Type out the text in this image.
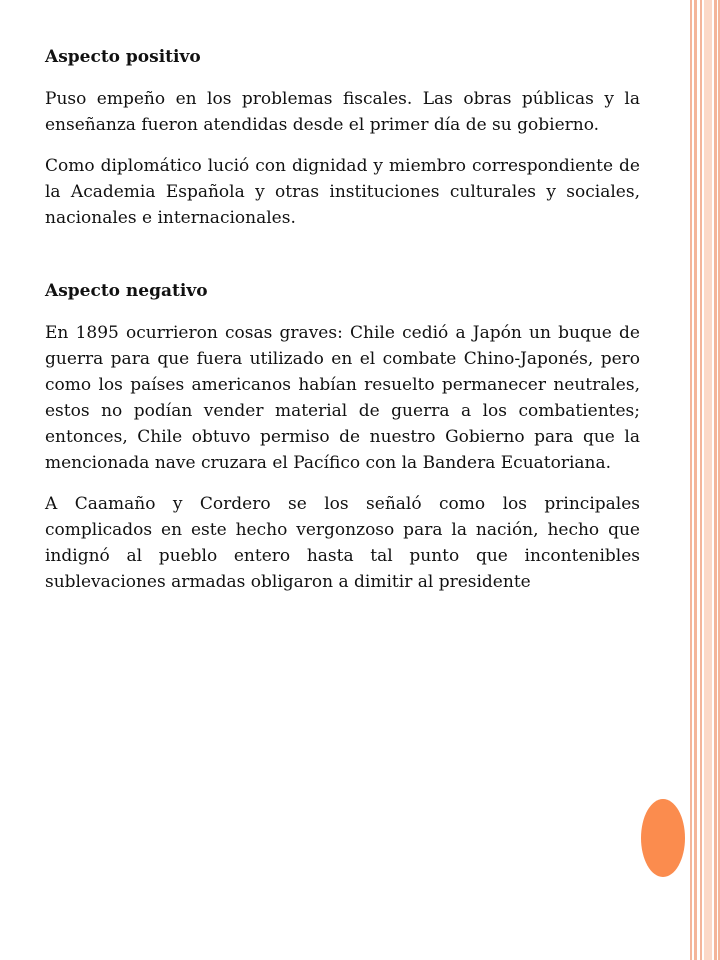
Aspecto positivo

Puso empeño en los problemas fiscales. Las obras públicas y la enseñanza fueron atendidas desde el primer día de su gobierno.

Como diplomático lució con dignidad y miembro correspondiente de la Academia Española y otras instituciones culturales y sociales, nacionales e internacionales.

Aspecto negativo

En 1895 ocurrieron cosas graves: Chile cedió a Japón un buque de guerra para que fuera utilizado en el combate Chino-Japonés, pero como los países americanos habían resuelto permanecer neutrales, estos no podían vender material de guerra a los combatientes; entonces, Chile obtuvo permiso de nuestro Gobierno para que la mencionada nave cruzara el Pacífico con la Bandera Ecuatoriana.

A Caamaño y Cordero se los señaló como los principales complicados en este hecho vergonzoso para la nación, hecho que indignó al pueblo entero hasta tal punto que incontenibles sublevaciones armadas obligaron a dimitir al presidente
